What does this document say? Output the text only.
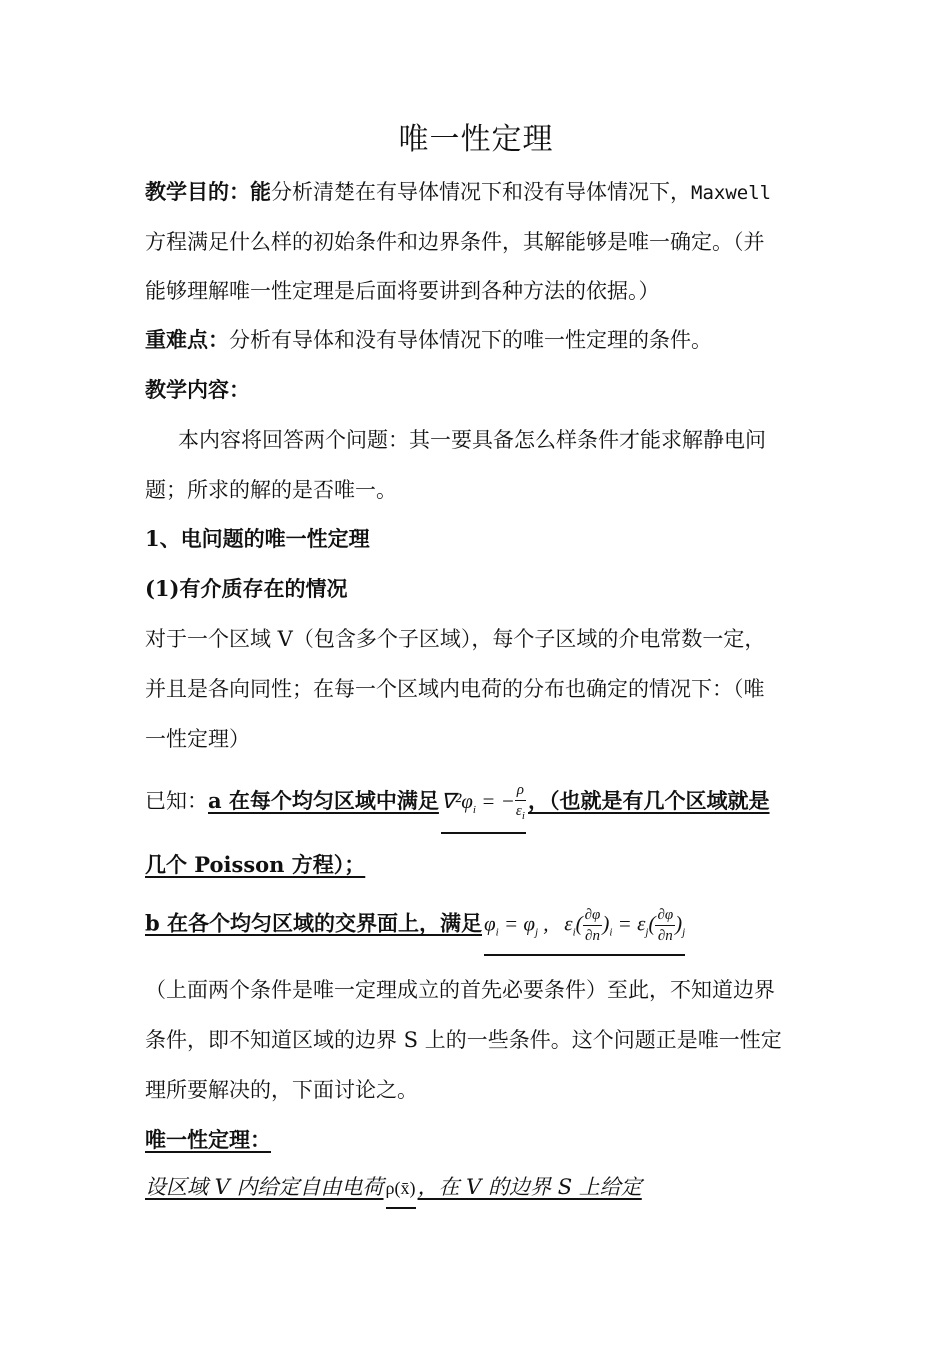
唯一性定理
教学目的：能分析清楚在有导体情况下和没有导体情况下，Maxwell
方程满足什么样的初始条件和边界条件，其解能够是唯一确定。（并
能够理解唯一性定理是后面将要讲到各种方法的依据。）
重难点：分析有导体和没有导体情况下的唯一性定理的条件。
教学内容：
本内容将回答两个问题：其一要具备怎么样条件才能求解静电问
题；所求的解的是否唯一。
1、电问题的唯一性定理
(1)有介质存在的情况
对于一个区域 V（包含多个子区域），每个子区域的介电常数一定，
并且是各向同性；在每一个区域内电荷的分布也确定的情况下：（唯
一性定理）
已知：a 在每个均匀区域中满足$\nabla^2\varphi_i$ = − $\frac{\rho}{\varepsilon_i}$ ，（也就是有几个区域就是
几个 Poisson 方程）；
b 在各个均匀区域的交界面上，满足$\varphi_i = \varphi_j$ ,   $\varepsilon_i( \frac{\partial\varphi}{\partial n} )_i = \varepsilon_j( \frac{\partial\varphi}{\partial n} )_j$
（上面两个条件是唯一定理成立的首先必要条件）至此，不知道边界
条件，即不知道区域的边界 S 上的一些条件。这个问题正是唯一性定
理所要解决的，下面讨论之。
唯一性定理：
设区域 V 内给定自由电荷 ρ(x̄)，在 V 的边界 S 上给定
